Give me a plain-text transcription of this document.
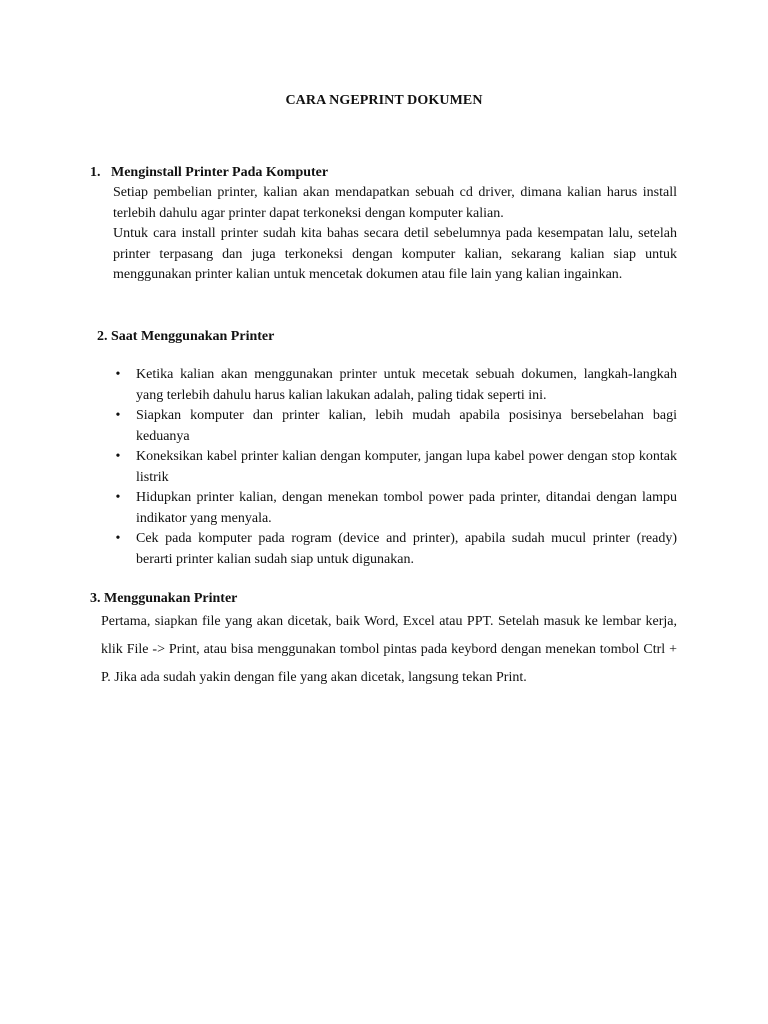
CARA NGEPRINT DOKUMEN
1.   Menginstall Printer Pada Komputer

Setiap pembelian printer, kalian akan mendapatkan sebuah cd driver, dimana kalian harus install terlebih dahulu agar printer dapat terkoneksi dengan komputer kalian.

Untuk cara install printer sudah kita bahas secara detil sebelumnya pada kesempatan lalu, setelah printer terpasang dan juga terkoneksi dengan komputer kalian, sekarang kalian siap untuk menggunakan printer kalian untuk mencetak dokumen atau file lain yang kalian ingainkan.

2. Saat Menggunakan Printer
• Ketika kalian akan menggunakan printer untuk mecetak sebuah dokumen, langkah-langkah yang terlebih dahulu harus kalian lakukan adalah, paling tidak seperti ini.
• Siapkan komputer dan printer kalian, lebih mudah apabila posisinya bersebelahan bagi keduanya
• Koneksikan kabel printer kalian dengan komputer, jangan lupa kabel power dengan stop kontak listrik
• Hidupkan printer kalian, dengan menekan tombol power pada printer, ditandai dengan lampu indikator yang menyala.
• Cek pada komputer pada rogram (device and printer), apabila sudah mucul printer (ready) berarti printer kalian sudah siap untuk digunakan.
3. Menggunakan Printer
Pertama, siapkan file yang akan dicetak, baik Word, Excel atau PPT. Setelah masuk ke lembar kerja, klik File -> Print, atau bisa menggunakan tombol pintas pada keybord dengan menekan tombol Ctrl + P. Jika ada sudah yakin dengan file yang akan dicetak, langsung tekan Print.
